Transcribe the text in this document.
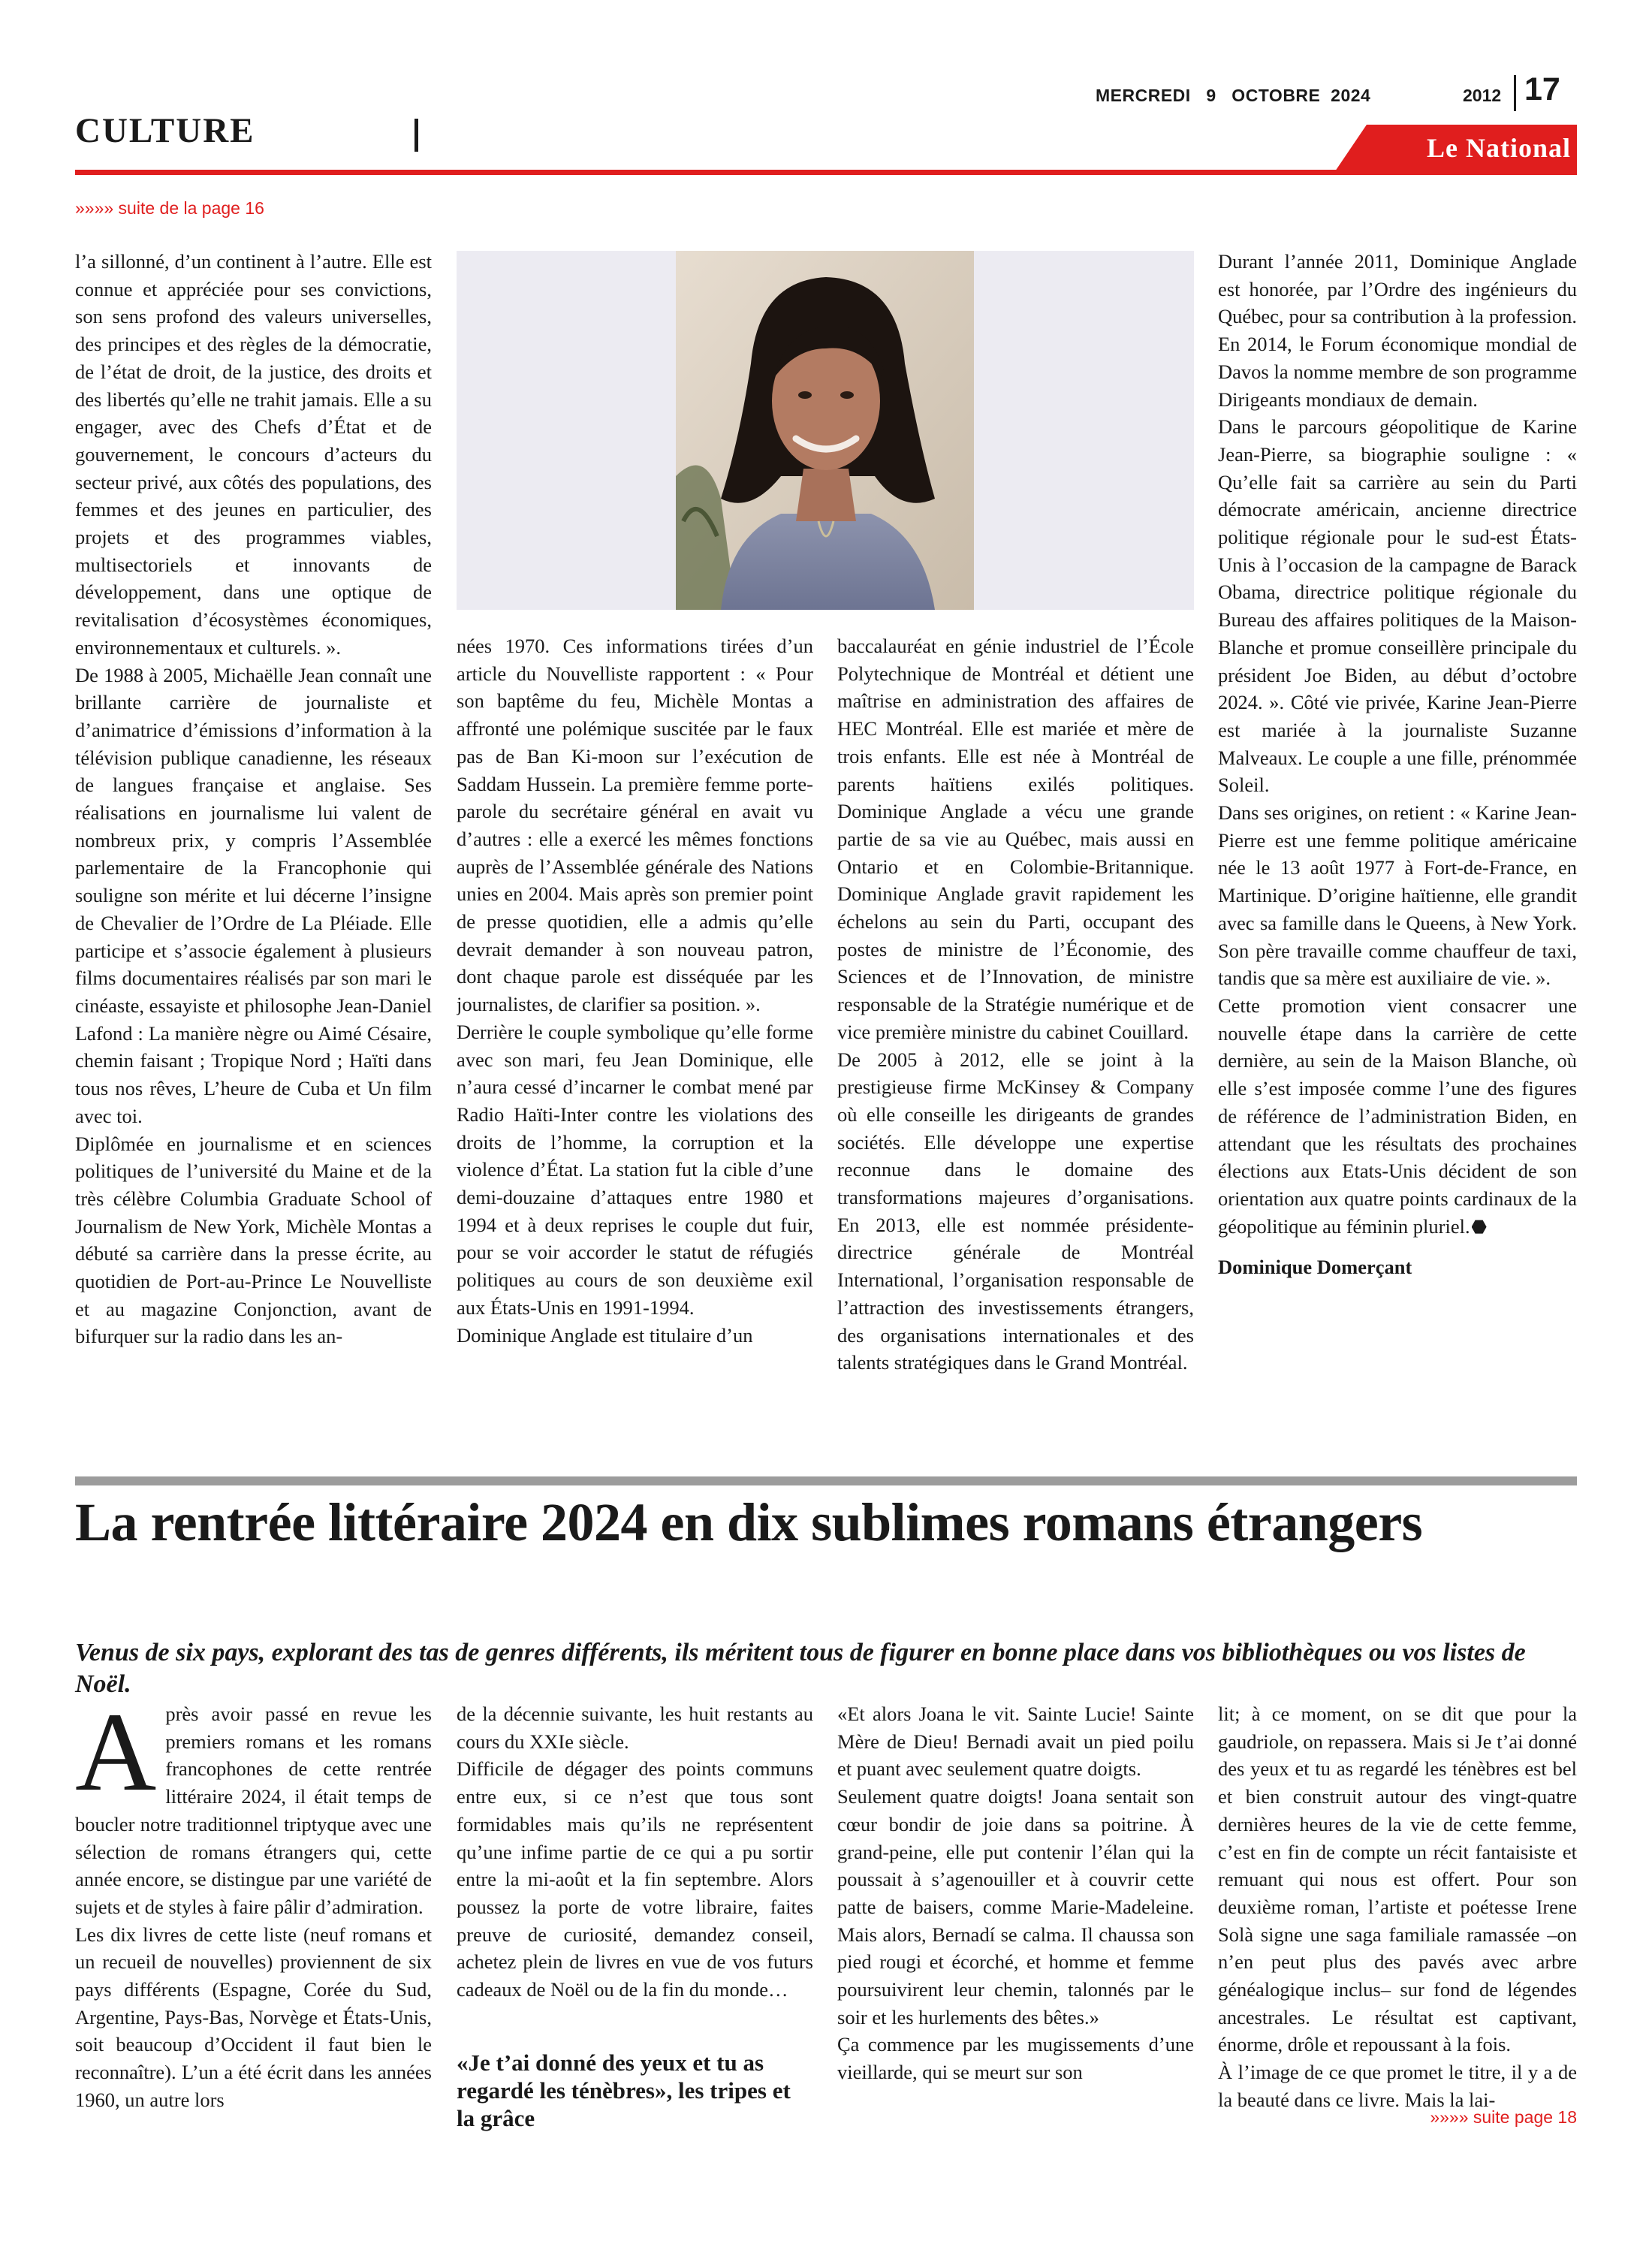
MERCREDI   9   OCTOBRE  2024	2012 17
CULTURE	Le National
»»»» suite de la page 16

l’a sillonné, d’un continent à l’autre. Elle est connue et appréciée pour ses convictions, son sens profond des valeurs universelles, des principes et des règles de la démocratie, de l’état de droit, de la justice, des droits et des libertés qu’elle ne trahit jamais. Elle a su engager, avec des Chefs d’État et de gouvernement, le concours d’acteurs du secteur privé, aux côtés des populations, des femmes et des jeunes en particulier, des projets et des programmes viables, multisectoriels et innovants de développement, dans une optique de revitalisation d’écosystèmes économiques, environnementaux et culturels. ».

De 1988 à 2005, Michaëlle Jean connaît une brillante carrière de journaliste et d’animatrice d’émissions d’information à la télévision publique canadienne, les réseaux de langues française et anglaise. Ses réalisations en journalisme lui valent de nombreux prix, y compris l’Assemblée parlementaire de la Francophonie qui souligne son mérite et lui décerne l’insigne de Chevalier de l’Ordre de La Pléiade. Elle participe et s’associe également à plusieurs films documentaires réalisés par son mari le cinéaste, essayiste et philosophe Jean-Daniel Lafond : La manière nègre ou Aimé Césaire, chemin faisant ; Tropique Nord ; Haïti dans tous nos rêves, L’heure de Cuba et Un film avec toi.

Diplômée en journalisme et en sciences politiques de l’université du Maine et de la très célèbre Columbia Graduate School of Journalism de New York, Michèle Montas a débuté sa carrière dans la presse écrite, au quotidien de Port-au-Prince Le Nouvelliste et au magazine Conjonction, avant de bifurquer sur la radio dans les an-

nées 1970. Ces informations tirées d’un article du Nouvelliste rapportent : « Pour son baptême du feu, Michèle Montas a affronté une polémique suscitée par le faux pas de Ban Ki-moon sur l’exécution de Saddam Hussein. La première femme porte-parole du secrétaire général en avait vu d’autres : elle a exercé les mêmes fonctions auprès de l’Assemblée générale des Nations unies en 2004. Mais après son premier point de presse quotidien, elle a admis qu’elle devrait demander à son nouveau patron, dont chaque parole est disséquée par les journalistes, de clarifier sa position. ».

Derrière le couple symbolique qu’elle forme avec son mari, feu Jean Dominique, elle n’aura cessé d’incarner le combat mené par Radio Haïti-Inter contre les violations des droits de l’homme, la corruption et la violence d’État. La station fut la cible d’une demi-douzaine d’attaques entre 1980 et 1994 et à deux reprises le couple dut fuir, pour se voir accorder le statut de réfugiés politiques au cours de son deuxième exil aux États-Unis en 1991-1994.

Dominique Anglade est titulaire d’un

baccalauréat en génie industriel de l’École Polytechnique de Montréal et détient une maîtrise en administration des affaires de HEC Montréal. Elle est mariée et mère de trois enfants. Elle est née à Montréal de parents haïtiens exilés politiques. Dominique Anglade a vécu une grande partie de sa vie au Québec, mais aussi en Ontario et en Colombie-Britannique. Dominique Anglade gravit rapidement les échelons au sein du Parti, occupant des postes de ministre de l’Économie, des Sciences et de l’Innovation, de ministre responsable de la Stratégie numérique et de vice première ministre du cabinet Couillard.

De 2005 à 2012, elle se joint à la prestigieuse firme McKinsey & Company où elle conseille les dirigeants de grandes sociétés. Elle développe une expertise reconnue dans le domaine des transformations majeures d’organisations. En 2013, elle est nommée présidente-directrice générale de Montréal International, l’organisation responsable de l’attraction des investissements étrangers, des organisations internationales et des talents stratégiques dans le Grand Montréal.

Durant l’année 2011, Dominique Anglade est honorée, par l’Ordre des ingénieurs du Québec, pour sa contribution à la profession. En 2014, le Forum économique mondial de Davos la nomme membre de son programme Dirigeants mondiaux de demain.

Dans le parcours géopolitique de Karine Jean-Pierre, sa biographie souligne : « Qu’elle fait sa carrière au sein du Parti démocrate américain, ancienne directrice politique régionale pour le sud-est États-Unis à l’occasion de la campagne de Barack Obama, directrice politique régionale du Bureau des affaires politiques de la Maison-Blanche et promue conseillère principale du président Joe Biden, au début d’octobre 2024. ». Côté vie privée, Karine Jean-Pierre est mariée à la journaliste Suzanne Malveaux. Le couple a une fille, prénommée Soleil.

Dans ses origines, on retient : « Karine Jean-Pierre est une femme politique américaine née le 13 août 1977 à Fort-de-France, en Martinique. D’origine haïtienne, elle grandit avec sa famille dans le Queens, à New York. Son père travaille comme chauffeur de taxi, tandis que sa mère est auxiliaire de vie. ».

Cette promotion vient consacrer une nouvelle étape dans la carrière de cette dernière, au sein de la Maison Blanche, où elle s’est imposée comme l’une des figures de référence de l’administration Biden, en attendant que les résultats des prochaines élections aux Etats-Unis décident de son orientation aux quatre points cardinaux de la géopolitique au féminin pluriel.

Dominique Domerçant

La rentrée littéraire 2024 en dix sublimes romans étrangers
Venus de six pays, explorant des tas de genres différents, ils méritent tous de figurer en bonne place dans vos bibliothèques ou vos listes de Noël.

Après avoir passé en revue les premiers romans et les romans francophones de cette rentrée littéraire 2024, il était temps de boucler notre traditionnel triptyque avec une sélection de romans étrangers qui, cette année encore, se distingue par une variété de sujets et de styles à faire pâlir d’admiration.

Les dix livres de cette liste (neuf romans et un recueil de nouvelles) proviennent de six pays différents (Espagne, Corée du Sud, Argentine, Pays-Bas, Norvège et États-Unis, soit beaucoup d’Occident il faut bien le reconnaître). L’un a été écrit dans les années 1960, un autre lors

de la décennie suivante, les huit restants au cours du XXIe siècle.

Difficile de dégager des points communs entre eux, si ce n’est que tous sont formidables mais qu’ils ne représentent qu’une infime partie de ce qui a pu sortir entre la mi-août et la fin septembre. Alors poussez la porte de votre libraire, faites preuve de curiosité, demandez conseil, achetez plein de livres en vue de vos futurs cadeaux de Noël ou de la fin du monde…

«Je t’ai donné des yeux et tu as regardé les ténèbres», les tripes et la grâce

«Et alors Joana le vit. Sainte Lucie! Sainte Mère de Dieu! Bernadi avait un pied poilu et puant avec seulement quatre doigts.

Seulement quatre doigts! Joana sentait son cœur bondir de joie dans sa poitrine. À grand-peine, elle put contenir l’élan qui la poussait à s’agenouiller et à couvrir cette patte de baisers, comme Marie-Madeleine. Mais alors, Bernadí se calma. Il chaussa son pied rougi et écorché, et homme et femme poursuivirent leur chemin, talonnés par le soir et les hurlements des bêtes.»

Ça commence par les mugissements d’une vieillarde, qui se meurt sur son

lit; à ce moment, on se dit que pour la gaudriole, on repassera. Mais si Je t’ai donné des yeux et tu as regardé les ténèbres est bel et bien construit autour des vingt-quatre dernières heures de la vie de cette femme, c’est en fin de compte un récit fantaisiste et remuant qui nous est offert. Pour son deuxième roman, l’artiste et poétesse Irene Solà signe une saga familiale ramassée –on n’en peut plus des pavés avec arbre généalogique inclus– sur fond de légendes ancestrales. Le résultat est captivant, énorme, drôle et repoussant à la fois.

À l’image de ce que promet le titre, il y a de la beauté dans ce livre. Mais la lai-

»»»» suite page 18
